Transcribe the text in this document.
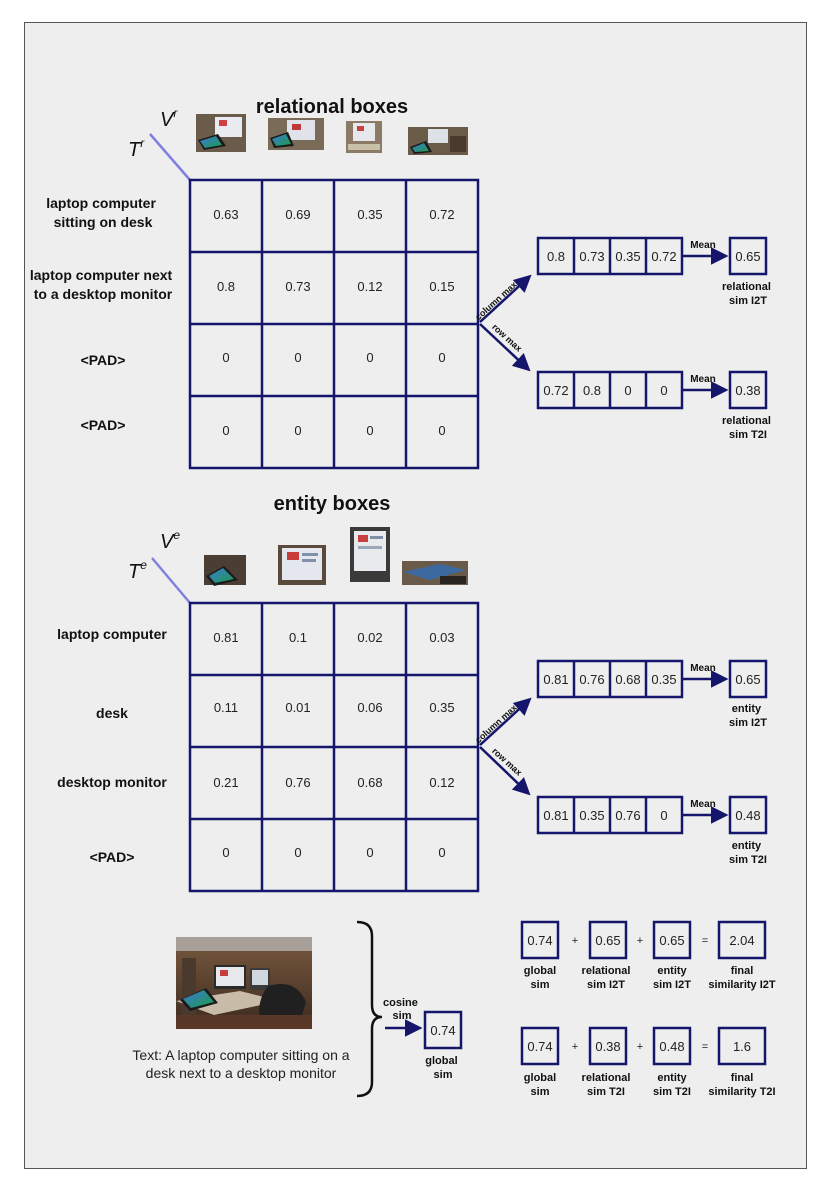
relational boxes
$V^r$
$T^r$
0.63	0.69	0.35	0.72
0.8	0.73	0.12	0.15
0	0	0	0
0	0	0	0
laptop computer sitting on desk
laptop computer next to a desktop monitor
<PAD>
<PAD>
column max
row max
0.8 0.73 0.35 0.72
Mean
0.65
relational sim I2T
0.72 0.8 0 0
Mean
0.38
relational sim T2I
entity boxes
Ve
$T^e$
0.81	0.1	0.02	0.03
0.11	0.01	0.06	0.35
0.21	0.76	0.68	0.12
0	0	0	0
laptop computer
desk
desktop monitor
<PAD>
column max
row max
0.81 0.76 0.68 0.35
Mean
0.65
entity sim I2T
0.81 0.35 0.76 0
Mean
0.48
entity sim T2I
cosine sim
0.74
global sim
0.74	0.65	0.65	2.04
+	+	=
global sim
relational sim I2T
entity sim I2T
final similarity I2T
0.74	0.38	0.48	1.6
+	+	=
global sim
relational sim T2I
entity sim T2I
final similarity T2I
Text: A laptop computer sitting on a desk next to a desktop monitor
